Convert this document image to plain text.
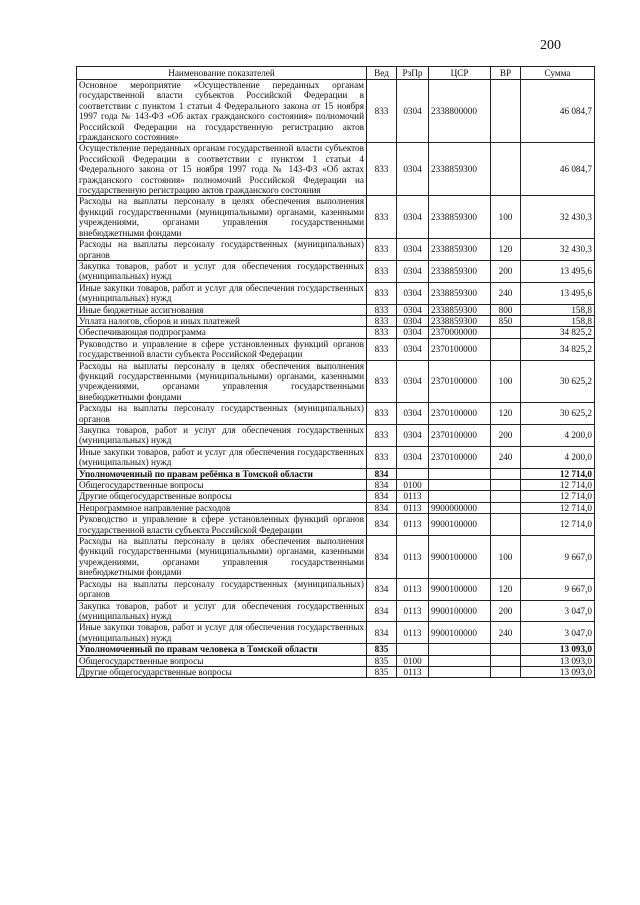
200
Наименование показателей	Вед	РзПр	ЦСР	ВР	Сумма
Основное мероприятие «Осуществление переданных органам государственной власти субъектов Российской Федерации в соответствии с пунктом 1 статьи 4 Федерального закона от 15 ноября 1997 года № 143-ФЗ «Об актах гражданского состояния» полномочий Российской Федерации на государственную регистрацию актов гражданского состояния»	833	0304	2338800000		46 084,7
Осуществление переданных органам государственной власти субъектов Российской Федерации в соответствии с пунктом 1 статьи 4 Федерального закона от 15 ноября 1997 года № 143-ФЗ «Об актах гражданского состояния» полномочий Российской Федерации на государственную регистрацию актов гражданского состояния	833	0304	2338859300		46 084,7
Расходы на выплаты персоналу в целях обеспечения выполнения функций государственными (муниципальными) органами, казенными учреждениями, органами управления государственными внебюджетными фондами	833	0304	2338859300	100	32 430,3
Расходы на выплаты персоналу государственных (муниципальных) органов	833	0304	2338859300	120	32 430,3
Закупка товаров, работ и услуг для обеспечения государственных (муниципальных) нужд	833	0304	2338859300	200	13 495,6
Иные закупки товаров, работ и услуг для обеспечения государственных (муниципальных) нужд	833	0304	2338859300	240	13 495,6
Иные бюджетные ассигнования	833	0304	2338859300	800	158,8
Уплата налогов, сборов и иных платежей	833	0304	2338859300	850	158,8
Обеспечивающая подпрограмма	833	0304	2370000000		34 825,2
Руководство и управление в сфере установленных функций органов государственной власти субъекта Российской Федерации	833	0304	2370100000		34 825,2
Расходы на выплаты персоналу в целях обеспечения выполнения функций государственными (муниципальными) органами, казенными учреждениями, органами управления государственными внебюджетными фондами	833	0304	2370100000	100	30 625,2
Расходы на выплаты персоналу государственных (муниципальных) органов	833	0304	2370100000	120	30 625,2
Закупка товаров, работ и услуг для обеспечения государственных (муниципальных) нужд	833	0304	2370100000	200	4 200,0
Иные закупки товаров, работ и услуг для обеспечения государственных (муниципальных) нужд	833	0304	2370100000	240	4 200,0
Уполномоченный по правам ребёнка в Томской области	834				12 714,0
Общегосударственные вопросы	834	0100			12 714,0
Другие общегосударственные вопросы	834	0113			12 714,0
Непрограммное направление расходов	834	0113	9900000000		12 714,0
Руководство и управление в сфере установленных функций органов государственной власти субъекта Российской Федерации	834	0113	9900100000		12 714,0
Расходы на выплаты персоналу в целях обеспечения выполнения функций государственными (муниципальными) органами, казенными учреждениями, органами управления государственными внебюджетными фондами	834	0113	9900100000	100	9 667,0
Расходы на выплаты персоналу государственных (муниципальных) органов	834	0113	9900100000	120	9 667,0
Закупка товаров, работ и услуг для обеспечения государственных (муниципальных) нужд	834	0113	9900100000	200	3 047,0
Иные закупки товаров, работ и услуг для обеспечения государственных (муниципальных) нужд	834	0113	9900100000	240	3 047,0
Уполномоченный по правам человека в Томской области	835				13 093,0
Общегосударственные вопросы	835	0100			13 093,0
Другие общегосударственные вопросы	835	0113			13 093,0
